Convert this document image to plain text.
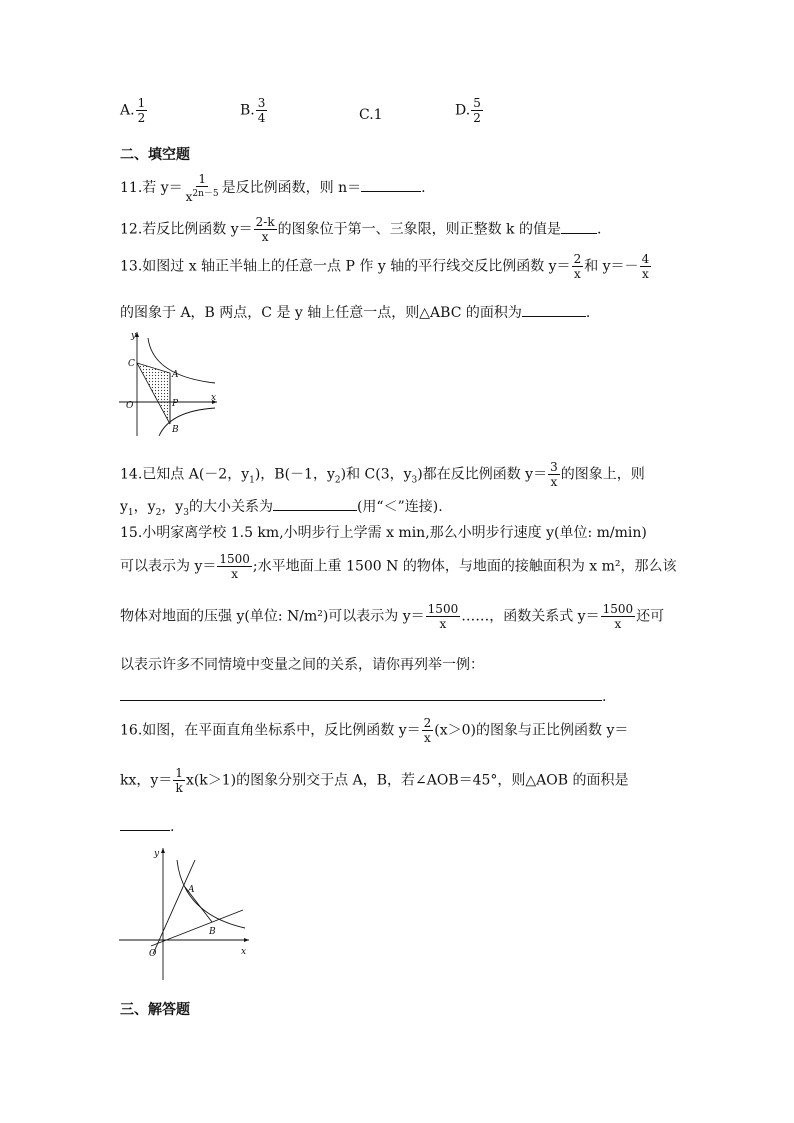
A. $\frac{1}{2}$	B. $\frac{3}{4}$	C.1	D. $\frac{5}{2}$
二、填空题
11.若 $y= \frac{1}{x^{2n-5}}$ 是反比例函数，则 n＝	.
12.若反比例函数 $y= \frac{2-k}{x}$ 的图象位于第一、三象限，则正整数 k 的值是	.
13.如图过 x 轴正半轴上的任意一点 P 作 y 轴的平行线交反比例函数 $y= \frac{2}{x}$ 和 $y=- \frac{4}{x}$
的图象于 A，B 两点，C 是 y 轴上任意一点，则△ABC 的面积为	.
y
x
O
C
A
P
B
14.已知点 A(－2，$y_1$)，B(－1，$y_2$)和 C(3，$y_3$)都在反比例函数 $y= \frac{3}{x}$ 的图象上，则
$y_1$，$y_2$，$y_3$的大小关系为	(用“＜”连接).
15.小明家离学校 1.5 km,小明步行上学需 x min,那么小明步行速度 y(单位: m/min)
可以表示为 $y= \frac{1500}{x}$ ;水平地面上重 1500 N 的物体，与地面的接触面积为 x m²，那么该
物体对地面的压强 y(单位: N/m²)可以表示为 $y= \frac{1500}{x}$ ……，函数关系式 $y= \frac{1500}{x}$ 还可
以表示许多不同情境中变量之间的关系，请你再列举一例：
.
16.如图，在平面直角坐标系中，反比例函数 $y= \frac{2}{x} (x>0)$的图象与正比例函数 y＝
kx，$y= \frac{1}{k} x(k>1)$的图象分别交于点 A，B，若∠AOB＝45°，则△AOB 的面积是
.
y
x
O
A
B
三、解答题
